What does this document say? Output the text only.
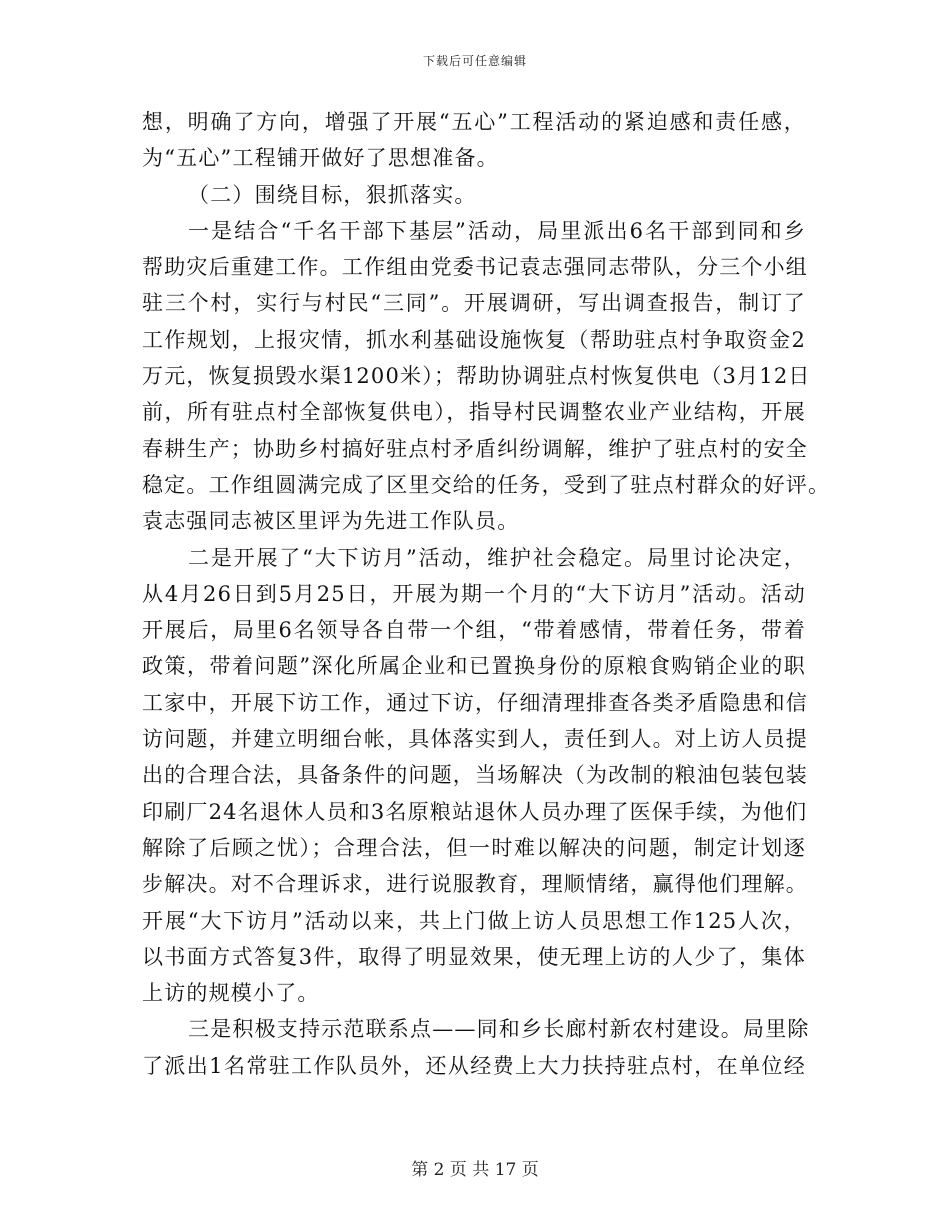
下载后可任意编辑
想，明确了方向，增强了开展“五心”工程活动的紧迫感和责任感，
为“五心”工程铺开做好了思想准备。
（二）围绕目标，狠抓落实。
一是结合“千名干部下基层”活动，局里派出6名干部到同和乡
帮助灾后重建工作。工作组由党委书记袁志强同志带队，分三个小组
驻三个村，实行与村民“三同”。开展调研，写出调查报告，制订了
工作规划，上报灾情，抓水利基础设施恢复（帮助驻点村争取资金2
万元，恢复损毁水渠1200米）；帮助协调驻点村恢复供电（3月12日
前，所有驻点村全部恢复供电），指导村民调整农业产业结构，开展
春耕生产；协助乡村搞好驻点村矛盾纠纷调解，维护了驻点村的安全
稳定。工作组圆满完成了区里交给的任务，受到了驻点村群众的好评。
袁志强同志被区里评为先进工作队员。
二是开展了“大下访月”活动，维护社会稳定。局里讨论决定，
从4月26日到5月25日，开展为期一个月的“大下访月”活动。活动
开展后，局里6名领导各自带一个组，“带着感情，带着任务，带着
政策，带着问题”深化所属企业和已置换身份的原粮食购销企业的职
工家中，开展下访工作，通过下访，仔细清理排查各类矛盾隐患和信
访问题，并建立明细台帐，具体落实到人，责任到人。对上访人员提
出的合理合法，具备条件的问题，当场解决（为改制的粮油包装包装
印刷厂24名退休人员和3名原粮站退休人员办理了医保手续，为他们
解除了后顾之忧）；合理合法，但一时难以解决的问题，制定计划逐
步解决。对不合理诉求，进行说服教育，理顺情绪，赢得他们理解。
开展“大下访月”活动以来，共上门做上访人员思想工作125人次，
以书面方式答复3件，取得了明显效果，使无理上访的人少了，集体
上访的规模小了。
三是积极支持示范联系点——同和乡长廊村新农村建设。局里除
了派出1名常驻工作队员外，还从经费上大力扶持驻点村，在单位经
第 2 页 共 17 页
